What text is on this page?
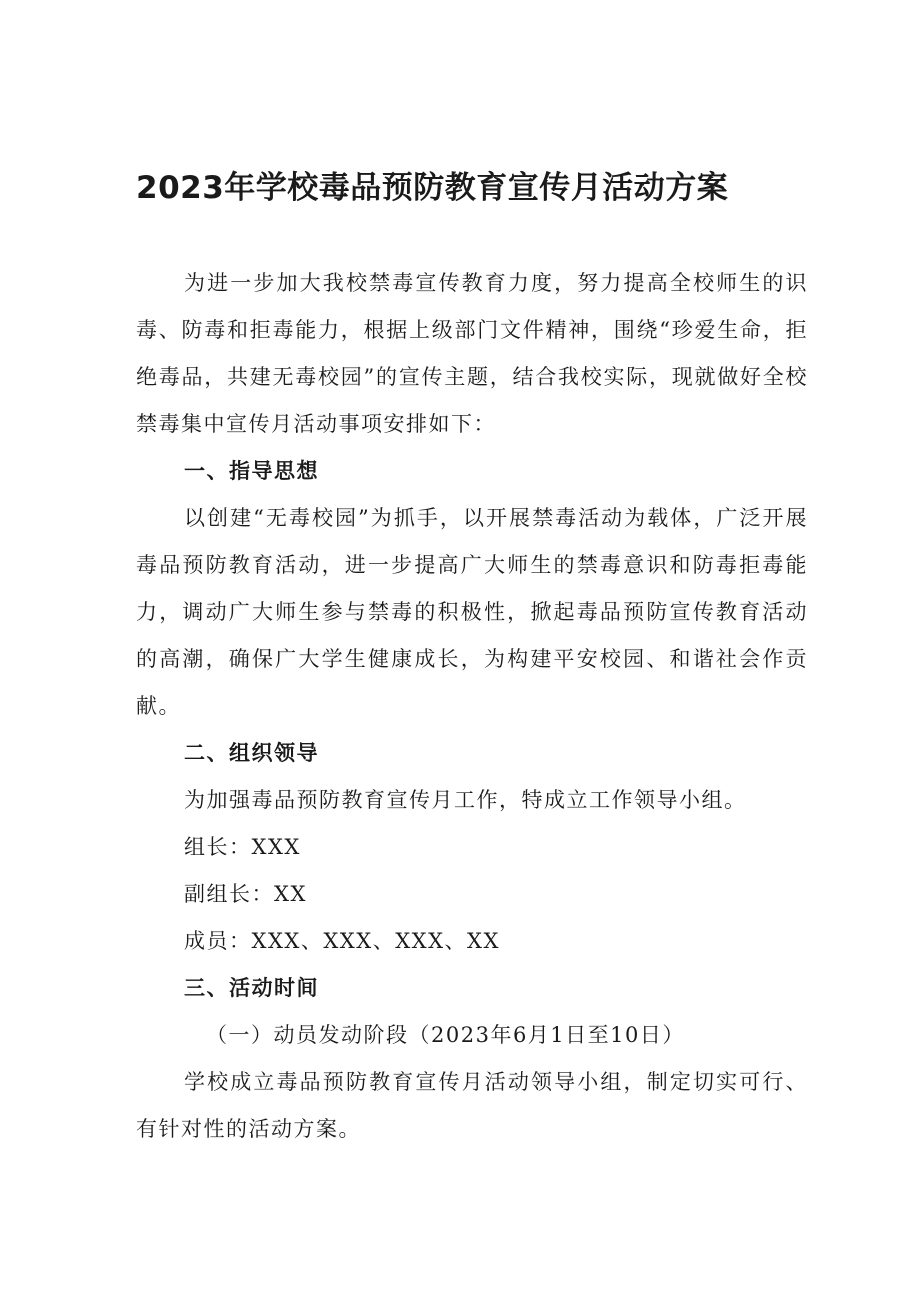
2023年学校毒品预防教育宣传月活动方案

为进一步加大我校禁毒宣传教育力度，努力提高全校师生的识毒、防毒和拒毒能力，根据上级部门文件精神，围绕“珍爱生命，拒绝毒品，共建无毒校园”的宣传主题，结合我校实际，现就做好全校禁毒集中宣传月活动事项安排如下：

一、指导思想

以创建“无毒校园”为抓手，以开展禁毒活动为载体，广泛开展毒品预防教育活动，进一步提高广大师生的禁毒意识和防毒拒毒能力，调动广大师生参与禁毒的积极性，掀起毒品预防宣传教育活动的高潮，确保广大学生健康成长，为构建平安校园、和谐社会作贡献。

二、组织领导

为加强毒品预防教育宣传月工作，特成立工作领导小组。

组长：XXX

副组长：XX

成员：XXX、XXX、XXX、XX

三、活动时间

（一）动员发动阶段（2023年6月1日至10日）

学校成立毒品预防教育宣传月活动领导小组，制定切实可行、有针对性的活动方案。
